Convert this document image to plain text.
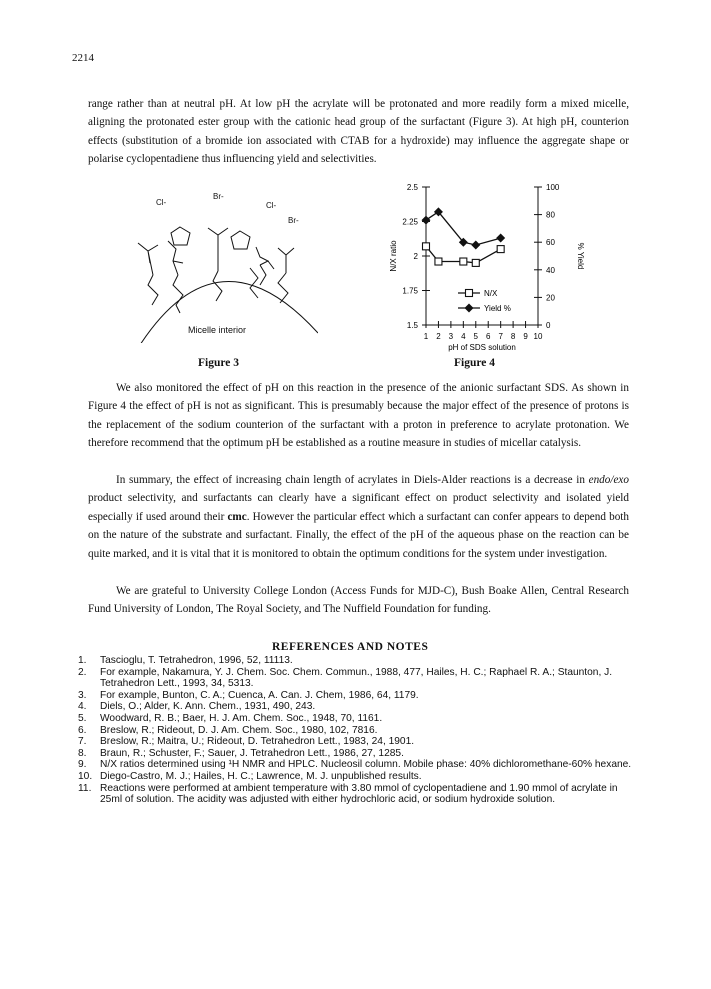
2214

range rather than at neutral pH. At low pH the acrylate will be protonated and more readily form a mixed micelle, aligning the protonated ester group with the cationic head group of the surfactant (Figure 3). At high pH, counterion effects (substitution of a bromide ion associated with CTAB for a hydroxide) may influence the aggregate shape or polarise cyclopentadiene thus influencing yield and selectivities.

Cl-
Br-
Cl-
Br-
Micelle interior
Figure 3
1.5
1.75
2
2.25
2.5
0
20
40
60
80
100
1 2 3 4 5 6 7 8 9 10
pH of SDS solution
N/X ratio	% Yield
N/X
Yield %
Figure 4

We also monitored the effect of pH on this reaction in the presence of the anionic surfactant SDS. As shown in Figure 4 the effect of pH is not as significant. This is presumably because the major effect of the presence of protons is the replacement of the sodium counterion of the surfactant with a proton in preference to acrylate protonation. We therefore recommend that the optimum pH be established as a routine measure in studies of micellar catalysis.

In summary, the effect of increasing chain length of acrylates in Diels-Alder reactions is a decrease in endo/exo product selectivity, and surfactants can clearly have a significant effect on product selectivity and isolated yield especially if used around their cmc. However the particular effect which a surfactant can confer appears to depend both on the nature of the substrate and surfactant. Finally, the effect of the pH of the aqueous phase on the reaction can be quite marked, and it is vital that it is monitored to obtain the optimum conditions for the system under investigation.

We are grateful to University College London (Access Funds for MJD-C), Bush Boake Allen, Central Research Fund University of London, The Royal Society, and The Nuffield Foundation for funding.

REFERENCES AND NOTES
1.	Tascioglu, T. Tetrahedron, 1996, 52, 11113.
2.	For example, Nakamura, Y. J. Chem. Soc. Chem. Commun., 1988, 477, Hailes, H. C.; Raphael R. A.; Staunton, J. Tetrahedron Lett., 1993, 34, 5313.
3.	For example, Bunton, C. A.; Cuenca, A. Can. J. Chem, 1986, 64, 1179.
4.	Diels, O.; Alder, K. Ann. Chem., 1931, 490, 243.
5.	Woodward, R. B.; Baer, H. J. Am. Chem. Soc., 1948, 70, 1161.
6.	Breslow, R.; Rideout, D. J. Am. Chem. Soc., 1980, 102, 7816.
7.	Breslow, R.; Maitra, U.; Rideout, D. Tetrahedron Lett., 1983, 24, 1901.
8.	Braun, R.; Schuster, F.; Sauer, J. Tetrahedron Lett., 1986, 27, 1285.
9.	N/X ratios determined using ¹H NMR and HPLC. Nucleosil column. Mobile phase: 40% dichloromethane-60% hexane.
10. Diego-Castro, M. J.; Hailes, H. C.; Lawrence, M. J. unpublished results.
11. Reactions were performed at ambient temperature with 3.80 mmol of cyclopentadiene and 1.90 mmol of acrylate in 25ml of solution. The acidity was adjusted with either hydrochloric acid, or sodium hydroxide solution.
